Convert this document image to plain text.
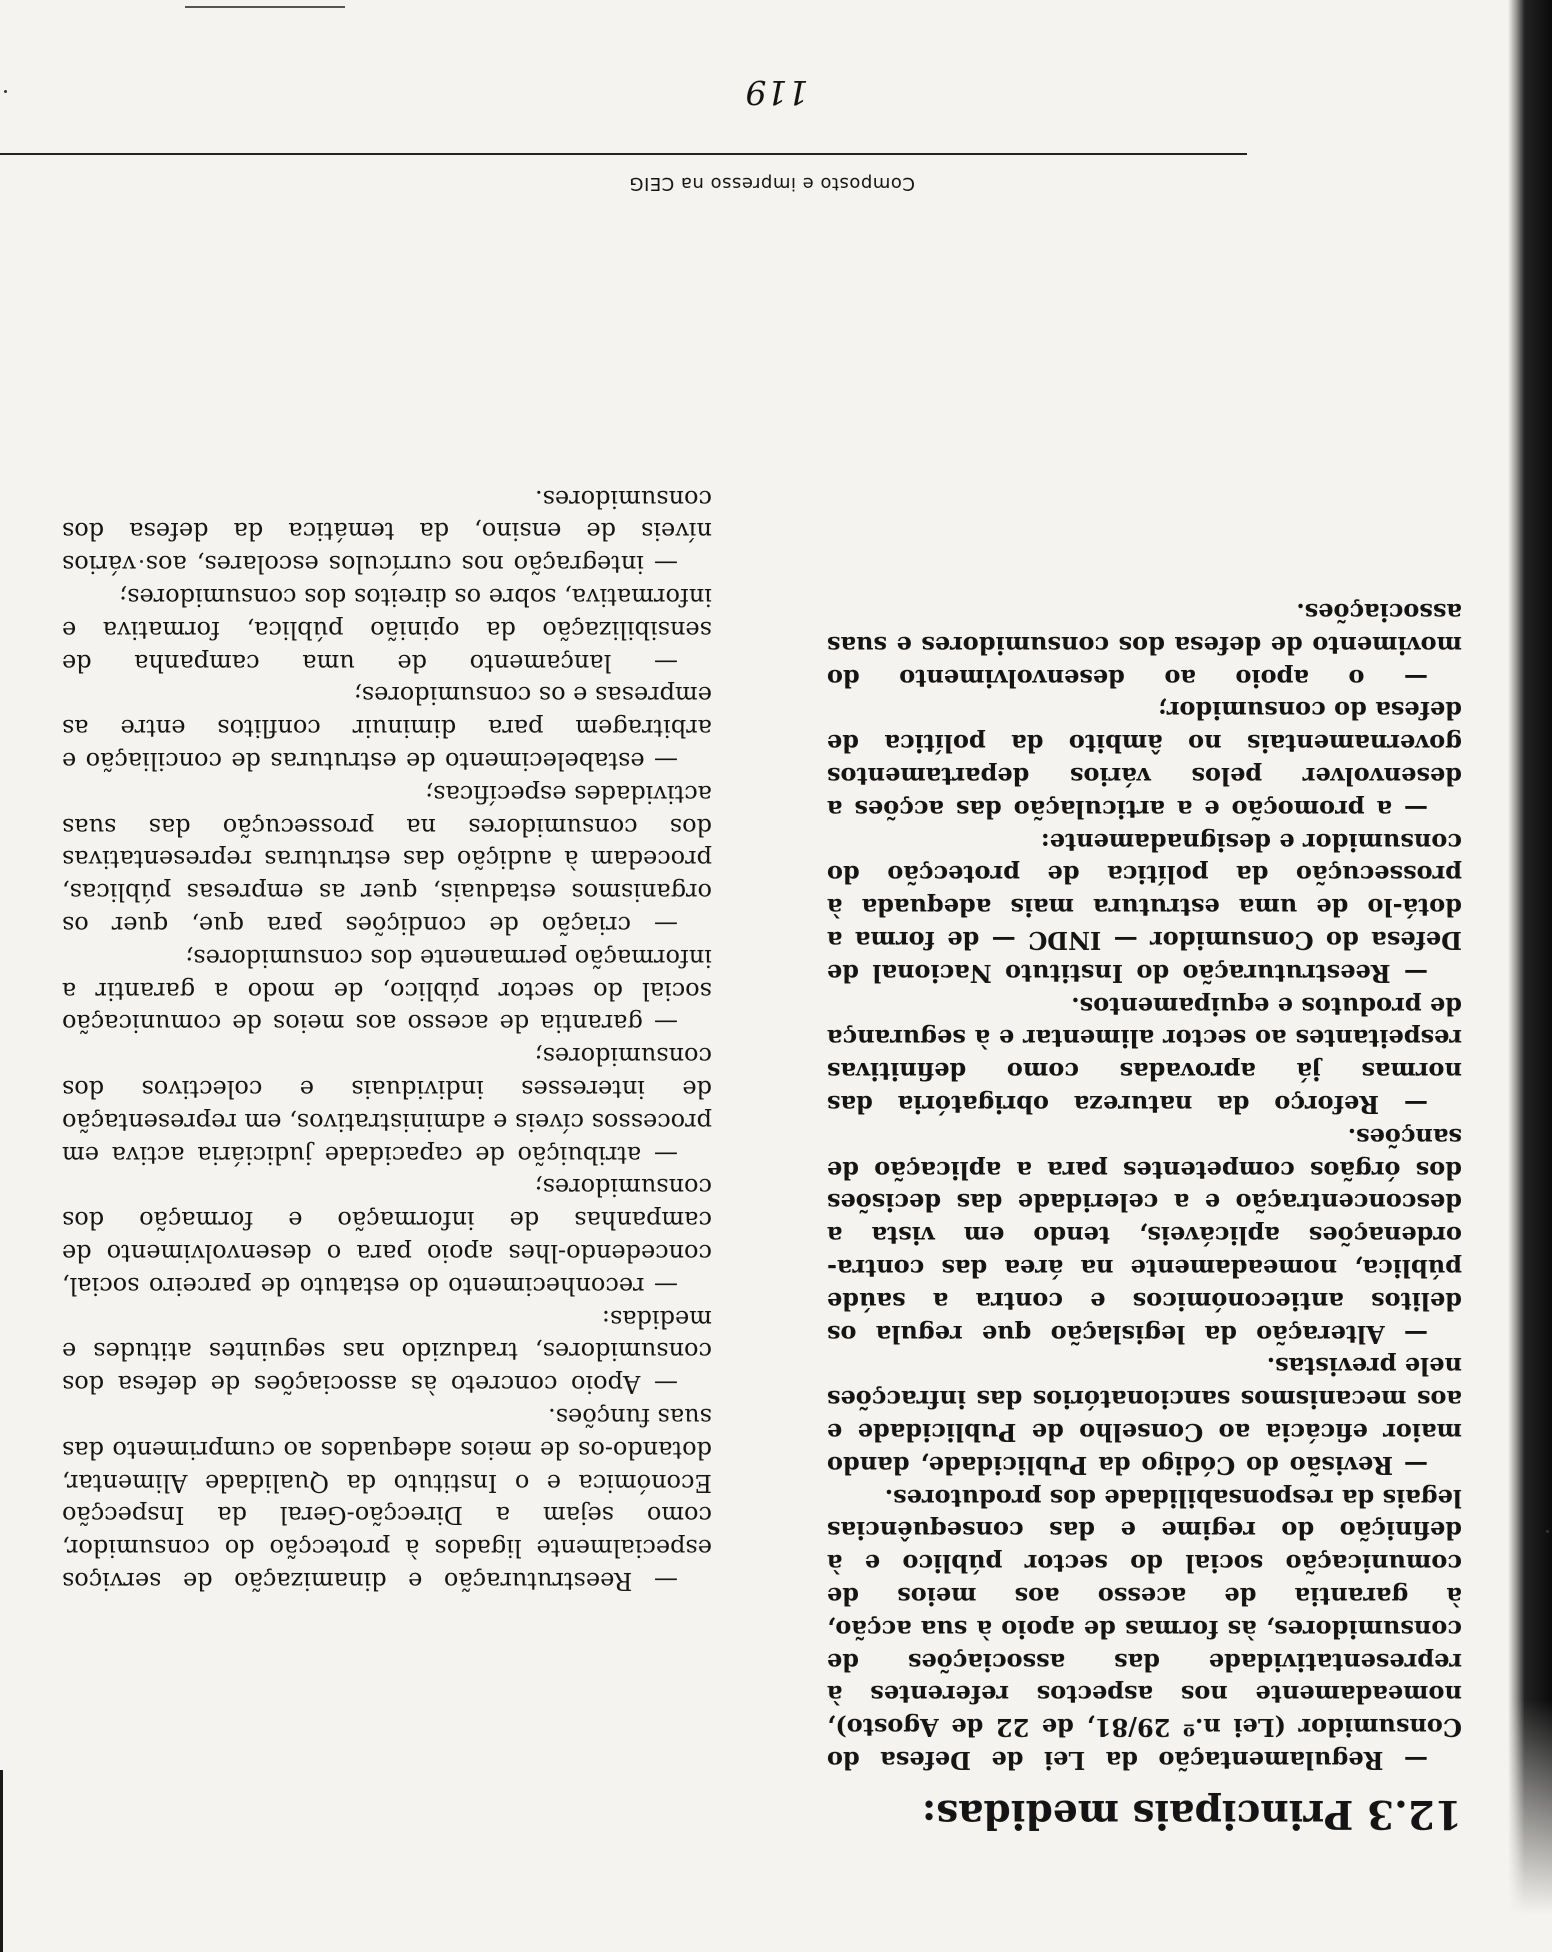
12.3 Principais medidas:

— Regulamentação da Lei de Defesa do Consumidor (Lei n.º 29/81, de 22 de Agosto), nomeadamente nos aspectos referentes à representatividade das associações de consumidores, às formas de apoio à sua acção, à garantia de acesso aos meios de comunicação social do sector público e à definição do regime e das consequências legais da responsabilidade dos produtores.

— Revisão do Código da Publicidade, dando maior eficácia ao Conselho de Publicidade e aos mecanismos sancionatórios das infracções nele previstas.

— Alteração da legislação que regula os delitos antieconómicos e contra a saúde pública, nomeadamente na área das contra-ordenações aplicáveis, tendo em vista a desconcentração e a celeridade das decisões dos órgãos competentes para a aplicação de sanções.

— Reforço da natureza obrigatória das normas já aprovadas como definitivas respeitantes ao sector alimentar e à segurança de produtos e equipamentos.

— Reestruturação do Instituto Nacional de Defesa do Consumidor — INDC — de forma a dotá-lo de uma estrutura mais adequada à prossecução da política de protecção do consumidor e designadamente:

— a promoção e a articulação das acções a desenvolver pelos vários departamentos governamentais no âmbito da política de defesa do consumidor;

— o apoio ao desenvolvimento do movimento de defesa dos consumidores e suas associações.

— Reestruturação e dinamização de serviços especialmente ligados à protecção do consumidor, como sejam a Direcção-Geral da Inspecção Económica e o Instituto da Qualidade Alimentar, dotando-os de meios adequados ao cumprimento das suas funções.

— Apoio concreto às associações de defesa dos consumidores, traduzido nas seguintes atitudes e medidas:

— reconhecimento do estatuto de parceiro social, concedendo-lhes apoio para o desenvolvimento de campanhas de informação e formação dos consumidores;

— atribuição de capacidade judiciária activa em processos cíveis e administrativos, em representação de interesses individuais e colectivos dos consumidores;

— garantia de acesso aos meios de comunicação social do sector público, de modo a garantir a informação permanente dos consumidores;

— criação de condições para que, quer os organismos estaduais, quer as empresas públicas, procedam à audição das estruturas representativas dos consumidores na prossecução das suas actividades específicas;

— estabelecimento de estruturas de conciliação e arbitragem para diminuir conflitos entre as empresas e os consumidores;

— lançamento de uma campanha de sensibilização da opinião pública, formativa e informativa, sobre os direitos dos consumidores;

— integração nos currículos escolares, aos vários níveis de ensino, da temática da defesa dos consumidores.

Composto e impresso na CEIG
119
